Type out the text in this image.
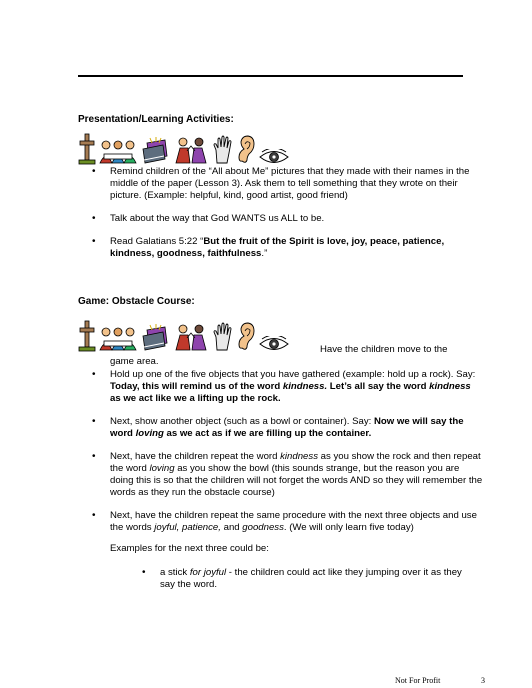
Presentation/Learning Activities:
• Remind children of the “All about Me” pictures that they made with their names in the middle of the paper (Lesson 3). Ask them to tell something that they wrote on their picture. (Example: helpful, kind, good artist, good friend)
• Talk about the way that God WANTS us ALL to be.
• Read Galatians 5:22 “But the fruit of the Spirit is love, joy, peace, patience, kindness, goodness, faithfulness.”
Game: Obstacle Course:

Have the children move to the

game area.

• Hold up one of the five objects that you have gathered (example: hold up a rock). Say: Today, this will remind us of the word kindness. Let’s all say the word kindness as we act like we a lifting up the rock.
• Next, show another object (such as a bowl or container). Say: Now we will say the word loving as we act as if we are filling up the container.
• Next, have the children repeat the word kindness as you show the rock and then repeat the word loving as you show the bowl (this sounds strange, but the reason you are doing this is so that the children will not forget the words AND so they will remember the words as they run the obstacle course)
• Next, have the children repeat the same procedure with the next three objects and use the words joyful, patience, and goodness. (We will only learn five today)

Examples for the next three could be:

• a stick for joyful - the children could act like they jumping over it as they say the word.
Not For Profit	3
